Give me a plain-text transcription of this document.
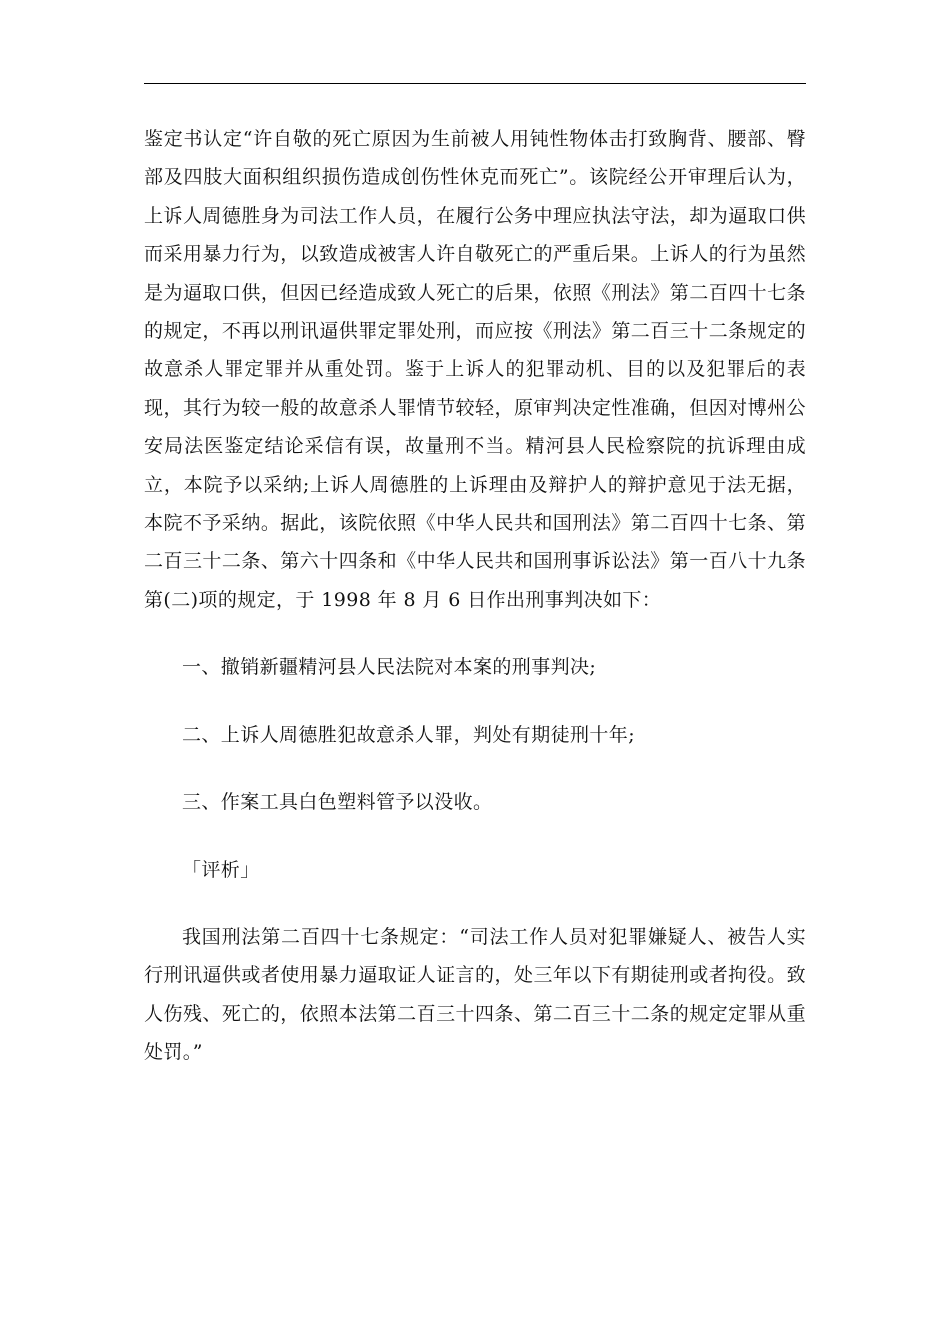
鉴定书认定“许自敬的死亡原因为生前被人用钝性物体击打致胸背、腰部、臀部及四肢大面积组织损伤造成创伤性休克而死亡”。该院经公开审理后认为，上诉人周德胜身为司法工作人员，在履行公务中理应执法守法，却为逼取口供而采用暴力行为，以致造成被害人许自敬死亡的严重后果。上诉人的行为虽然是为逼取口供，但因已经造成致人死亡的后果，依照《刑法》第二百四十七条的规定，不再以刑讯逼供罪定罪处刑，而应按《刑法》第二百三十二条规定的故意杀人罪定罪并从重处罚。鉴于上诉人的犯罪动机、目的以及犯罪后的表现，其行为较一般的故意杀人罪情节较轻，原审判决定性准确，但因对博州公安局法医鉴定结论采信有误，故量刑不当。精河县人民检察院的抗诉理由成立，本院予以采纳;上诉人周德胜的上诉理由及辩护人的辩护意见于法无据，本院不予采纳。据此，该院依照《中华人民共和国刑法》第二百四十七条、第二百三十二条、第六十四条和《中华人民共和国刑事诉讼法》第一百八十九条第(二)项的规定，于 1998 年 8 月 6 日作出刑事判决如下：

一、撤销新疆精河县人民法院对本案的刑事判决;

二、上诉人周德胜犯故意杀人罪，判处有期徒刑十年;

三、作案工具白色塑料管予以没收。

「评析」

我国刑法第二百四十七条规定：“司法工作人员对犯罪嫌疑人、被告人实行刑讯逼供或者使用暴力逼取证人证言的，处三年以下有期徒刑或者拘役。致人伤残、死亡的，依照本法第二百三十四条、第二百三十二条的规定定罪从重处罚。”
